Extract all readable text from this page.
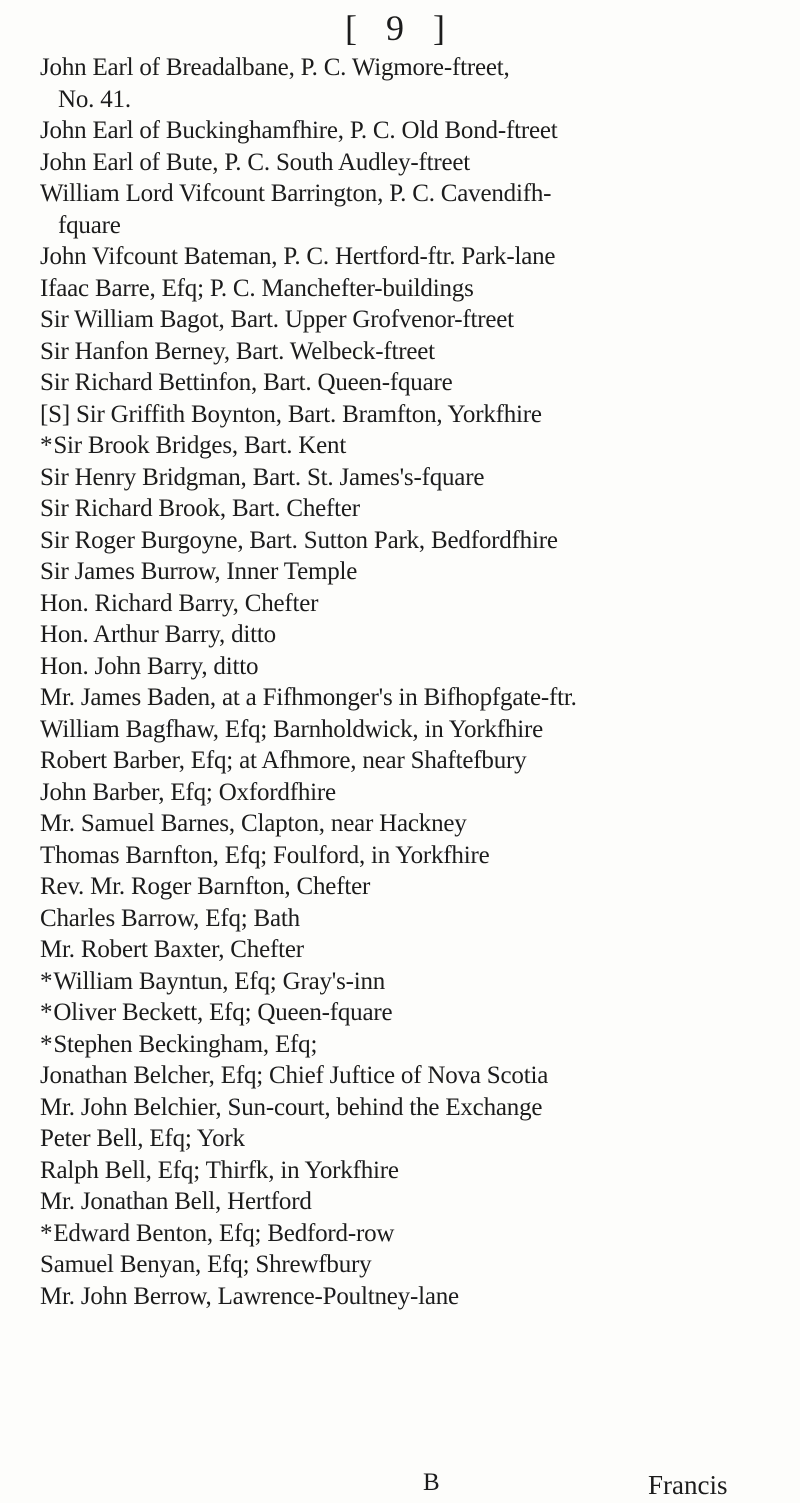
[ 9 ]
John Earl of Breadalbane, P. C. Wigmore-ftreet,
No. 41.
John Earl of Buckinghamfhire, P. C. Old Bond-ftreet
John Earl of Bute, P. C. South Audley-ftreet
William Lord Vifcount Barrington, P. C. Cavendifh-
fquare
John Vifcount Bateman, P. C. Hertford-ftr. Park-lane
Ifaac Barre, Efq; P. C. Manchefter-buildings
Sir William Bagot, Bart. Upper Grofvenor-ftreet
Sir Hanfon Berney, Bart. Welbeck-ftreet
Sir Richard Bettinfon, Bart. Queen-fquare
[S] Sir Griffith Boynton, Bart. Bramfton, Yorkfhire
*Sir Brook Bridges, Bart. Kent
Sir Henry Bridgman, Bart. St. James's-fquare
Sir Richard Brook, Bart. Chefter
Sir Roger Burgoyne, Bart. Sutton Park, Bedfordfhire
Sir James Burrow, Inner Temple
Hon. Richard Barry, Chefter
Hon. Arthur Barry, ditto
Hon. John Barry, ditto
Mr. James Baden, at a Fifhmonger's in Bifhopfgate-ftr.
William Bagfhaw, Efq; Barnholdwick, in Yorkfhire
Robert Barber, Efq; at Afhmore, near Shaftefbury
John Barber, Efq; Oxfordfhire
Mr. Samuel Barnes, Clapton, near Hackney
Thomas Barnfton, Efq; Foulford, in Yorkfhire
Rev. Mr. Roger Barnfton, Chefter
Charles Barrow, Efq; Bath
Mr. Robert Baxter, Chefter
*William Bayntun, Efq; Gray's-inn
*Oliver Beckett, Efq; Queen-fquare
*Stephen Beckingham, Efq;
Jonathan Belcher, Efq; Chief Juftice of Nova Scotia
Mr. John Belchier, Sun-court, behind the Exchange
Peter Bell, Efq; York
Ralph Bell, Efq; Thirfk, in Yorkfhire
Mr. Jonathan Bell, Hertford
*Edward Benton, Efq; Bedford-row
Samuel Benyan, Efq; Shrewfbury
Mr. John Berrow, Lawrence-Poultney-lane
B	Francis
